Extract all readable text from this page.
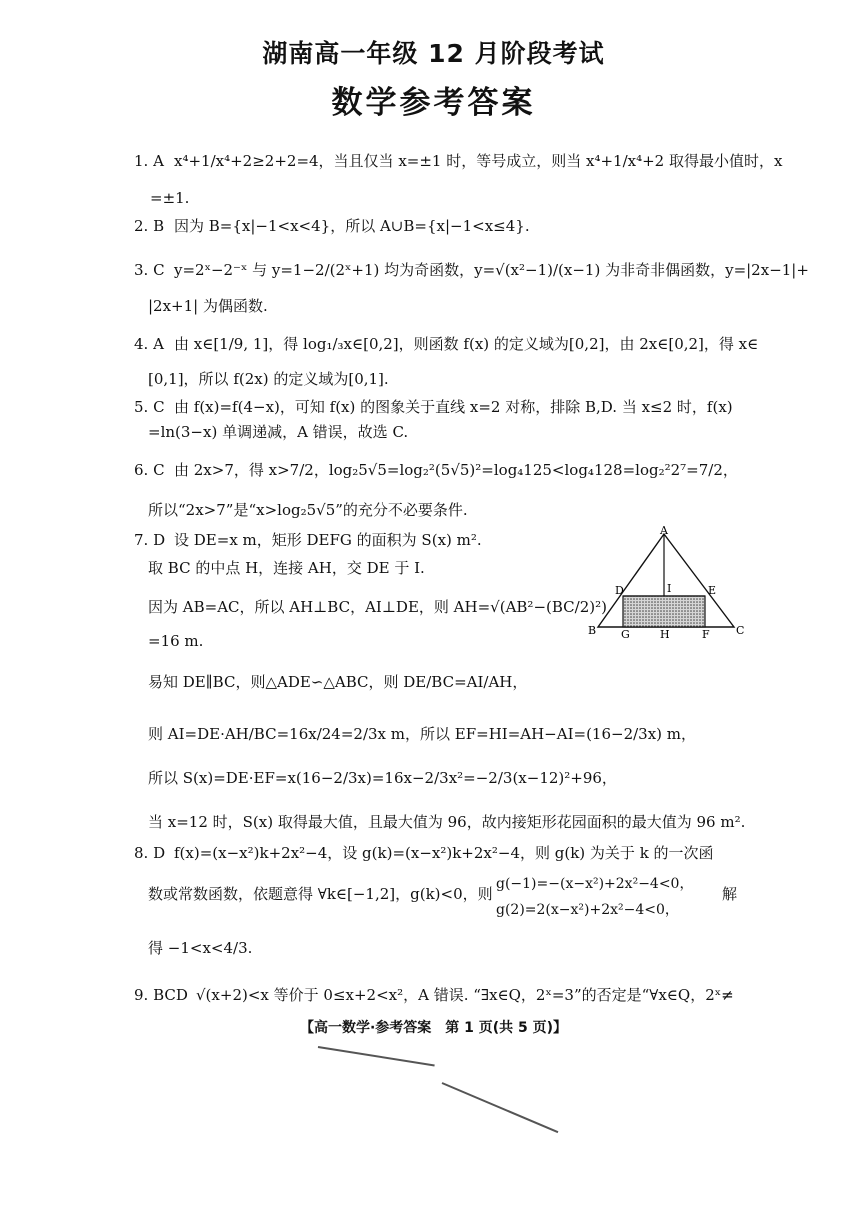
湖南高一年级 12 月阶段考试
数学参考答案
1. A x⁴+1/x⁴+2≥2+2=4，当且仅当 x=±1 时，等号成立，则当 x⁴+1/x⁴+2 取得最小值时，x
=±1.
2. B 因为 B={x|−1<x<4}，所以 A∪B={x|−1<x≤4}.
3. C y=2ˣ−2⁻ˣ 与 y=1−2/(2ˣ+1) 均为奇函数，y=√(x²−1)/(x−1) 为非奇非偶函数，y=|2x−1|+
|2x+1| 为偶函数.
4. A 由 x∈[1/9, 1]，得 log₁/₃x∈[0,2]，则函数 f(x) 的定义域为[0,2]，由 2x∈[0,2]，得 x∈
[0,1]，所以 f(2x) 的定义域为[0,1].
5. C 由 f(x)=f(4−x)，可知 f(x) 的图象关于直线 x=2 对称，排除 B,D. 当 x≤2 时，f(x)
=ln(3−x) 单调递减，A 错误，故选 C.
6. C 由 2x>7，得 x>7/2，log₂5√5=log₂²(5√5)²=log₄125<log₄128=log₂²2⁷=7/2，
所以“2x>7”是“x>log₂5√5”的充分不必要条件.
7. D 设 DE=x m，矩形 DEFG 的面积为 S(x) m².
取 BC 的中点 H，连接 AH，交 DE 于 I.
因为 AB=AC，所以 AH⊥BC，AI⊥DE，则 AH=√(AB²−(BC/2)²)
=16 m.
易知 DE∥BC，则△ADE∽△ABC，则 DE/BC=AI/AH，
则 AI=DE·AH/BC=16x/24=2/3x m，所以 EF=HI=AH−AI=(16−2/3x) m，
所以 S(x)=DE·EF=x(16−2/3x)=16x−2/3x²=−2/3(x−12)²+96，
当 x=12 时，S(x) 取得最大值，且最大值为 96，故内接矩形花园面积的最大值为 96 m².
8. D f(x)=(x−x²)k+2x²−4，设 g(k)=(x−x²)k+2x²−4，则 g(k) 为关于 k 的一次函
数或常数函数，依题意得 ∀k∈[−1,2]，g(k)<0，则
g(−1)=−(x−x²)+2x²−4<0，
g(2)=2(x−x²)+2x²−4<0，
解
得 −1<x<4/3.
9. BCD √(x+2)<x 等价于 0≤x+2<x²，A 错误. “∃x∈Q，2ˣ=3”的否定是“∀x∈Q，2ˣ≠
A
B	C
D	E
G	H	F
I
【高一数学·参考答案　第 1 页(共 5 页)】
